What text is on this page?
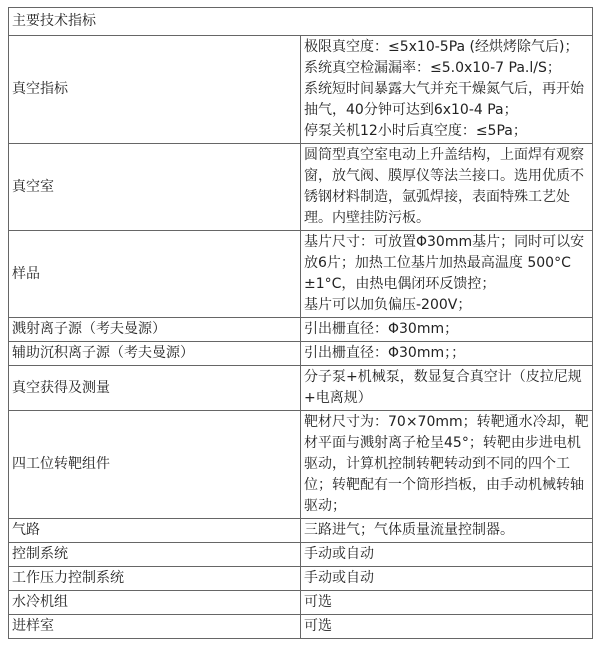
主要技术指标	
真空指标	极限真空度：≤5x10-5Pa (经烘烤除气后)；
系统真空检漏漏率：≤5.0x10-7 Pa.l/S；
系统短时间暴露大气并充干燥氮气后，再开始抽气，40分钟可达到6x10-4 Pa；
停泵关机12小时后真空度：≤5Pa；

真空室	圆筒型真空室电动上升盖结构，上面焊有观察窗，放气阀、膜厚仪等法兰接口。选用优质不锈钢材料制造，氩弧焊接，表面特殊工艺处理。内壁挂防污板。

样品	基片尺寸：可放置Φ30mm基片；同时可以安放6片；加热工位基片加热最高温度 500°C±1°C，由热电偶闭环反馈控；
基片可以加负偏压-200V；

溅射离子源（考夫曼源）	引出栅直径：Φ30mm；

辅助沉积离子源（考夫曼源）	引出栅直径：Φ30mm；；

真空获得及测量	分子泵+机械泵，数显复合真空计（皮拉尼规+电离规）

四工位转靶组件	靶材尺寸为：70×70mm；转靶通水冷却，靶材平面与溅射离子枪呈45°；转靶由步进电机驱动，计算机控制转靶转动到不同的四个工位；转靶配有一个筒形挡板，由手动机械转轴驱动；

气路	三路进气；气体质量流量控制器。

控制系统	手动或自动

工作压力控制系统	手动或自动

水冷机组	可选

进样室	可选
